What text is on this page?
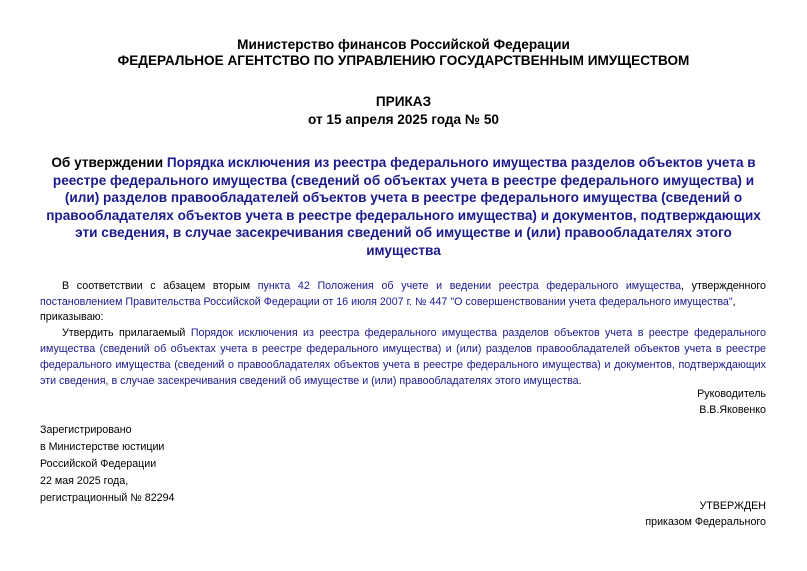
Министерство финансов Российской Федерации
ФЕДЕРАЛЬНОЕ АГЕНТСТВО ПО УПРАВЛЕНИЮ ГОСУДАРСТВЕННЫМ ИМУЩЕСТВОМ
ПРИКАЗ
от 15 апреля 2025 года № 50
Об утверждении Порядка исключения из реестра федерального имущества разделов объектов учета в реестре федерального имущества (сведений об объектах учета в реестре федерального имущества) и (или) разделов правообладателей объектов учета в реестре федерального имущества (сведений о правообладателях объектов учета в реестре федерального имущества) и документов, подтверждающих эти сведения, в случае засекречивания сведений об имуществе и (или) правообладателях этого имущества
В соответствии с абзацем вторым пункта 42 Положения об учете и ведении реестра федерального имущества, утвержденного постановлением Правительства Российской Федерации от 16 июля 2007 г. № 447 "О совершенствовании учета федерального имущества",
приказываю:
Утвердить прилагаемый Порядок исключения из реестра федерального имущества разделов объектов учета в реестре федерального имущества (сведений об объектах учета в реестре федерального имущества) и (или) разделов правообладателей объектов учета в реестре федерального имущества (сведений о правообладателях объектов учета в реестре федерального имущества) и документов, подтверждающих эти сведения, в случае засекречивания сведений об имуществе и (или) правообладателях этого имущества.
Руководитель
В.В.Яковенко
Зарегистрировано
в Министерстве юстиции
Российской Федерации
22 мая 2025 года,
регистрационный № 82294
УТВЕРЖДЕН
приказом Федерального
